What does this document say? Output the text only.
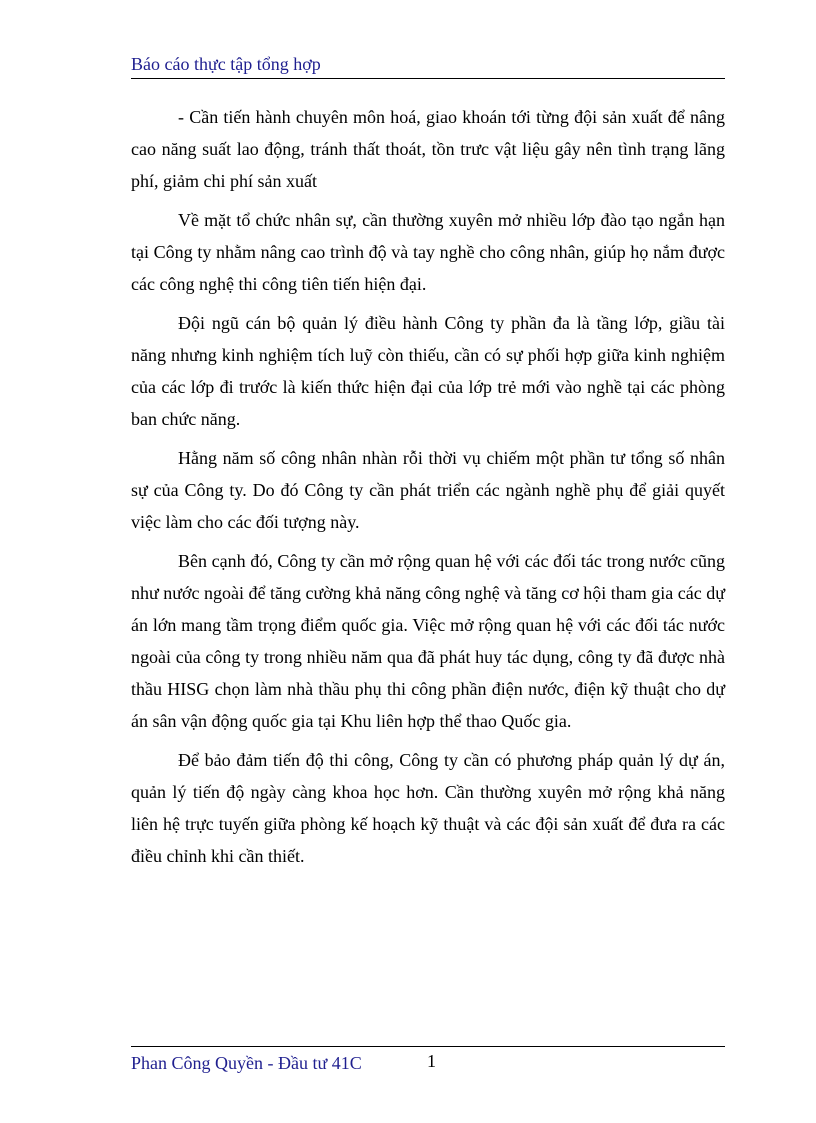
Báo cáo thực tập tổng hợp

- Cần tiến hành chuyên môn hoá, giao khoán tới từng đội sản xuất để nâng cao năng suất lao động, tránh thất thoát, tồn trưc vật liệu gây nên tình trạng lãng phí, giảm chi phí sản xuất

Về mặt tổ chức nhân sự, cần thường xuyên mở nhiều lớp đào tạo ngắn hạn tại Công ty nhằm nâng cao trình độ và tay nghề cho công nhân, giúp họ nắm được các công nghệ thi công tiên tiến hiện đại.

Đội ngũ cán bộ quản lý điều hành Công ty phần đa là tầng lớp, giầu tài năng nhưng kinh nghiệm tích luỹ còn thiếu, cần có sự phối hợp giữa kinh nghiệm của các lớp đi trước là kiến thức hiện đại của lớp trẻ mới vào nghề tại các phòng ban chức năng.

Hằng năm số công nhân nhàn rỗi thời vụ chiếm một phần tư tổng số nhân sự của Công ty. Do đó Công ty cần phát triển các ngành nghề phụ để giải quyết việc làm cho các đối tượng này.

Bên cạnh đó, Công ty cần mở rộng quan hệ với các đối tác trong nước cũng như nước ngoài để tăng cường khả năng công nghệ và tăng cơ hội tham gia các dự án lớn mang tầm trọng điểm quốc gia. Việc mở rộng quan hệ với các đối tác nước ngoài của công ty trong nhiều năm qua đã phát huy tác dụng, công ty đã được nhà thầu HISG chọn làm nhà thầu phụ thi công phần điện nước, điện kỹ thuật cho dự án sân vận động quốc gia tại Khu liên hợp thể thao Quốc gia.

Để bảo đảm tiến độ thi công, Công ty cần có phương pháp quản lý dự án, quản lý tiến độ ngày càng khoa học hơn. Cần thường xuyên mở rộng khả năng liên hệ trực tuyến giữa phòng kế hoạch kỹ thuật và các đội sản xuất để đưa ra các điều chỉnh khi cần thiết.

Phan Công Quyền - Đầu tư 41C	1
